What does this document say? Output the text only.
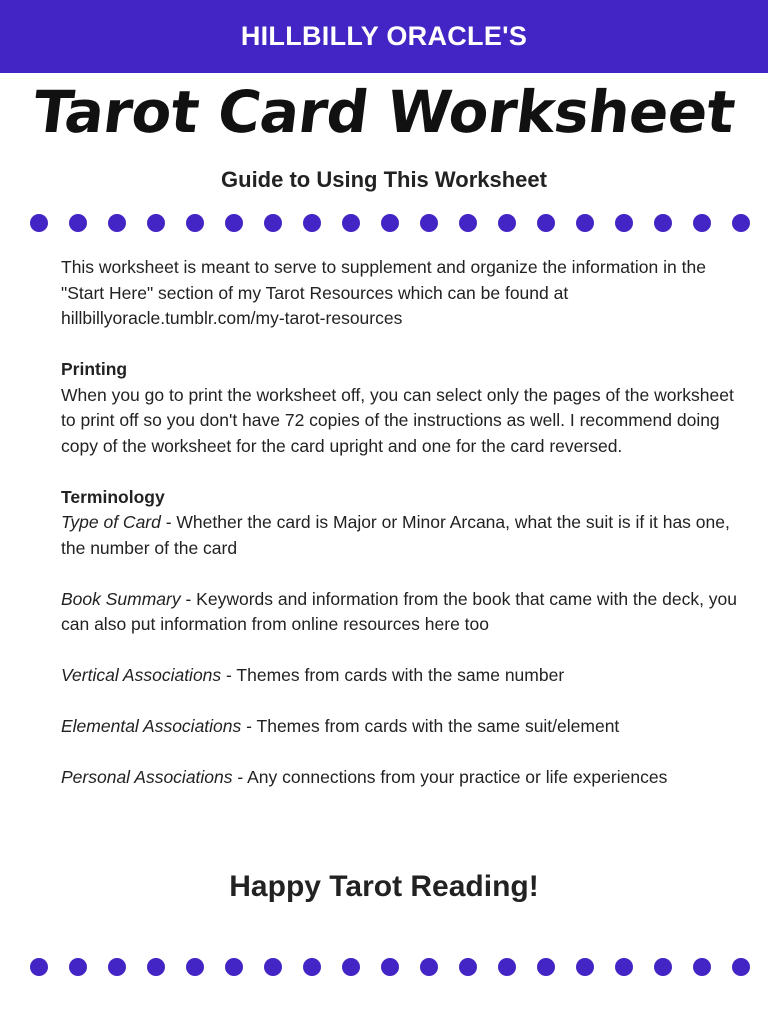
HILLBILLY ORACLE'S
Tarot Card Worksheet
Guide to Using This Worksheet

This worksheet is meant to serve to supplement and organize the information in the "Start Here" section of my Tarot Resources which can be found at hillbillyoracle.tumblr.com/my-tarot-resources

Printing
When you go to print the worksheet off, you can select only the pages of the worksheet to print off so you don't have 72 copies of the instructions as well. I recommend doing copy of the worksheet for the card upright and one for the card reversed.

Terminology
Type of Card - Whether the card is Major or Minor Arcana, what the suit is if it has one, the number of the card

Book Summary - Keywords and information from the book that came with the deck, you can also put information from online resources here too

Vertical Associations - Themes from cards with the same number

Elemental Associations - Themes from cards with the same suit/element

Personal Associations - Any connections from your practice or life experiences

Happy Tarot Reading!
